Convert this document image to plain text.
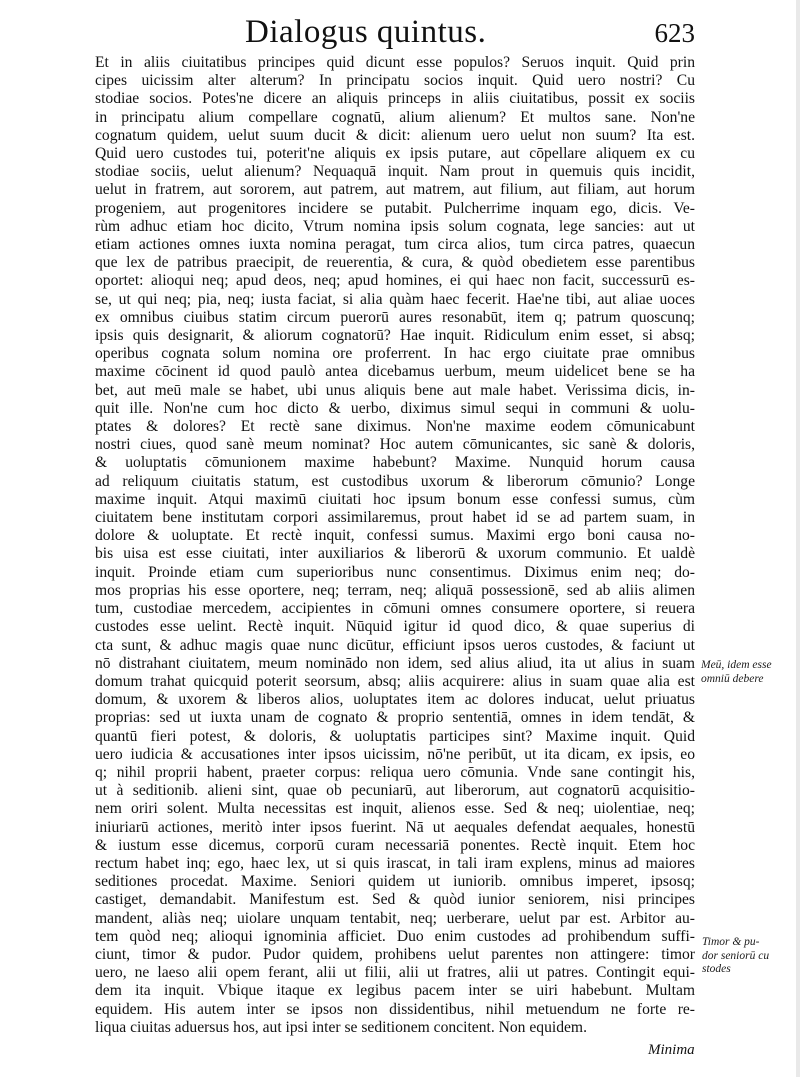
Dialogus quintus.	623
Et in aliis ciuitatibus principes quid dicunt esse populos? Seruos inquit. Quid prin
cipes uicissim alter alterum? In principatu socios inquit. Quid uero nostri? Cu
stodiae socios. Potes'ne dicere an aliquis princeps in aliis ciuitatibus, possit ex sociis
in principatu alium compellare cognatū, alium alienum? Et multos sane. Non'ne
cognatum quidem, uelut suum ducit & dicit: alienum uero uelut non suum? Ita est.
Quid uero custodes tui, poterit'ne aliquis ex ipsis putare, aut cōpellare aliquem ex cu
stodiae sociis, uelut alienum? Nequaquā inquit. Nam prout in quemuis quis incidit,
uelut in fratrem, aut sororem, aut patrem, aut matrem, aut filium, aut filiam, aut horum
progeniem, aut progenitores incidere se putabit. Pulcherrime inquam ego, dicis. Ve-
rùm adhuc etiam hoc dicito, Vtrum nomina ipsis solum cognata, lege sancies: aut ut
etiam actiones omnes iuxta nomina peragat, tum circa alios, tum circa patres, quaecun
que lex de patribus praecipit, de reuerentia, & cura, & quòd obedietem esse parentibus
oportet: alioqui neq; apud deos, neq; apud homines, ei qui haec non facit, successurū es-
se, ut qui neq; pia, neq; iusta faciat, si alia quàm haec fecerit. Hae'ne tibi, aut aliae uoces
ex omnibus ciuibus statim circum puerorū aures resonabūt, item q; patrum quoscunq;
ipsis quis designarit, & aliorum cognatorū? Hae inquit. Ridiculum enim esset, si absq;
operibus cognata solum nomina ore proferrent. In hac ergo ciuitate prae omnibus
maxime cōcinent id quod paulò antea dicebamus uerbum, meum uidelicet bene se ha
bet, aut meū male se habet, ubi unus aliquis bene aut male habet. Verissima dicis, in-
quit ille. Non'ne cum hoc dicto & uerbo, diximus simul sequi in communi & uolu-
ptates & dolores? Et rectè sane diximus. Non'ne maxime eodem cōmunicabunt
nostri ciues, quod sanè meum nominat? Hoc autem cōmunicantes, sic sanè & doloris,
& uoluptatis cōmunionem maxime habebunt? Maxime. Nunquid horum causa
ad reliquum ciuitatis statum, est custodibus uxorum & liberorum cōmunio? Longe
maxime inquit. Atqui maximū ciuitati hoc ipsum bonum esse confessi sumus, cùm
ciuitatem bene institutam corpori assimilaremus, prout habet id se ad partem suam, in
dolore & uoluptate. Et rectè inquit, confessi sumus. Maximi ergo boni causa no-
bis uisa est esse ciuitati, inter auxiliarios & liberorū & uxorum communio. Et ualdè
inquit. Proinde etiam cum superioribus nunc consentimus. Diximus enim neq; do-
mos proprias his esse oportere, neq; terram, neq; aliquā possessionē, sed ab aliis alimen
tum, custodiae mercedem, accipientes in cōmuni omnes consumere oportere, si reuera
custodes esse uelint. Rectè inquit. Nūquid igitur id quod dico, & quae superius di
cta sunt, & adhuc magis quae nunc dicūtur, efficiunt ipsos ueros custodes, & faciunt ut
nō distrahant ciuitatem, meum nominādo non idem, sed alius aliud, ita ut alius in suam
domum trahat quicquid poterit seorsum, absq; aliis acquirere: alius in suam quae alia est
domum, & uxorem & liberos alios, uoluptates item ac dolores inducat, uelut priuatus
proprias: sed ut iuxta unam de cognato & proprio sententiā, omnes in idem tendāt, &
quantū fieri potest, & doloris, & uoluptatis participes sint? Maxime inquit. Quid
uero iudicia & accusationes inter ipsos uicissim, nō'ne peribūt, ut ita dicam, ex ipsis, eo
q; nihil proprii habent, praeter corpus: reliqua uero cōmunia. Vnde sane contingit his,
ut à seditionib. alieni sint, quae ob pecuniarū, aut liberorum, aut cognatorū acquisitio-
nem oriri solent. Multa necessitas est inquit, alienos esse. Sed & neq; uiolentiae, neq;
iniuriarū actiones, meritò inter ipsos fuerint. Nā ut aequales defendat aequales, honestū
& iustum esse dicemus, corporū curam necessariā ponentes. Rectè inquit. Etem hoc
rectum habet inq; ego, haec lex, ut si quis irascat, in tali iram explens, minus ad maiores
seditiones procedat. Maxime. Seniori quidem ut iuniorib. omnibus imperet, ipsosq;
castiget, demandabit. Manifestum est. Sed & quòd iunior seniorem, nisi principes
mandent, aliàs neq; uiolare unquam tentabit, neq; uerberare, uelut par est. Arbitor au-
tem quòd neq; alioqui ignominia afficiet. Duo enim custodes ad prohibendum suffi-
ciunt, timor & pudor. Pudor quidem, prohibens uelut parentes non attingere: timor
uero, ne laeso alii opem ferant, alii ut filii, alii ut fratres, alii ut patres. Contingit equi-
dem ita inquit. Vbique itaque ex legibus pacem inter se uiri habebunt. Multam
equidem. His autem inter se ipsos non dissidentibus, nihil metuendum ne forte re-
liqua ciuitas aduersus hos, aut ipsi inter se seditionem concitent. Non equidem.
Meū, idem esse
omniū debere
Timor & pu-
dor seniorū cu
stodes
Minima
